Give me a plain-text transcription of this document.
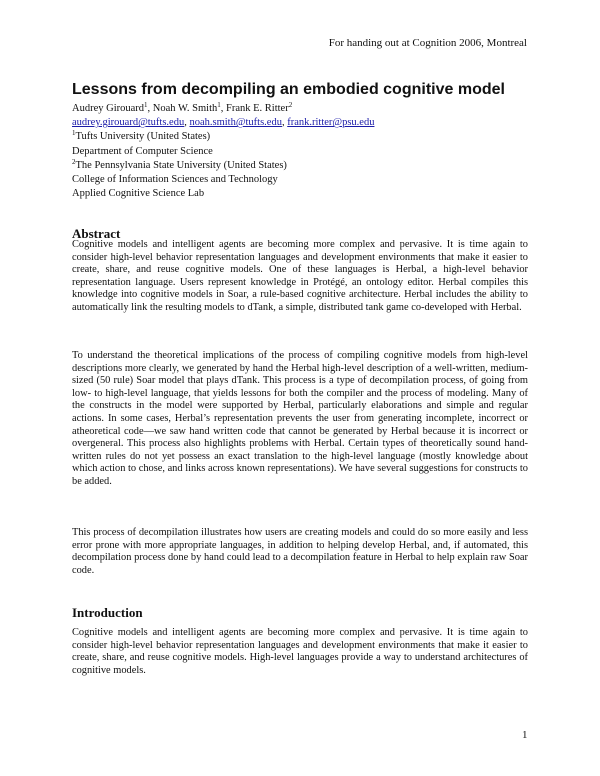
For handing out at Cognition 2006, Montreal
Lessons from decompiling an embodied cognitive model
Audrey Girouard$^1$, Noah W. Smith$^1$, Frank E. Ritter$^2$
audrey.girouard@tufts.edu, noah.smith@tufts.edu, frank.ritter@psu.edu
$^1$Tufts University (United States)
Department of Computer Science
$^2$The Pennsylvania State University (United States)
College of Information Sciences and Technology
Applied Cognitive Science Lab
Abstract

Cognitive models and intelligent agents are becoming more complex and pervasive. It is time again to consider high-level behavior representation languages and development environments that make it easier to create, share, and reuse cognitive models. One of these languages is Herbal, a high-level behavior representation language. Users represent knowledge in Protégé, an ontology editor. Herbal compiles this knowledge into cognitive models in Soar, a rule-based cognitive architecture. Herbal includes the ability to automatically link the resulting models to dTank, a simple, distributed tank game co-developed with Herbal.

To understand the theoretical implications of the process of compiling cognitive models from high-level descriptions more clearly, we generated by hand the Herbal high-level description of a well-written, medium-sized (50 rule) Soar model that plays dTank. This process is a type of decompilation process, of going from low- to high-level language, that yields lessons for both the compiler and the process of modeling. Many of the constructs in the model were supported by Herbal, particularly elaborations and simple and regular actions. In some cases, Herbal’s representation prevents the user from generating incomplete, incorrect or atheoretical code—we saw hand written code that cannot be generated by Herbal because it is incorrect or overgeneral. This process also highlights problems with Herbal. Certain types of theoretically sound hand-written rules do not yet possess an exact translation to the high-level language (mostly knowledge about which action to chose, and links across known representations). We have several suggestions for constructs to be added.

This process of decompilation illustrates how users are creating models and could do so more easily and less error prone with more appropriate languages, in addition to helping develop Herbal, and, if automated, this decompilation process done by hand could lead to a decompilation feature in Herbal to help explain raw Soar code.

Introduction

Cognitive models and intelligent agents are becoming more complex and pervasive. It is time again to consider high-level behavior representation languages and development environments that make it easier to create, share, and reuse cognitive models. High-level languages provide a way to understand architectures of cognitive models.

1
